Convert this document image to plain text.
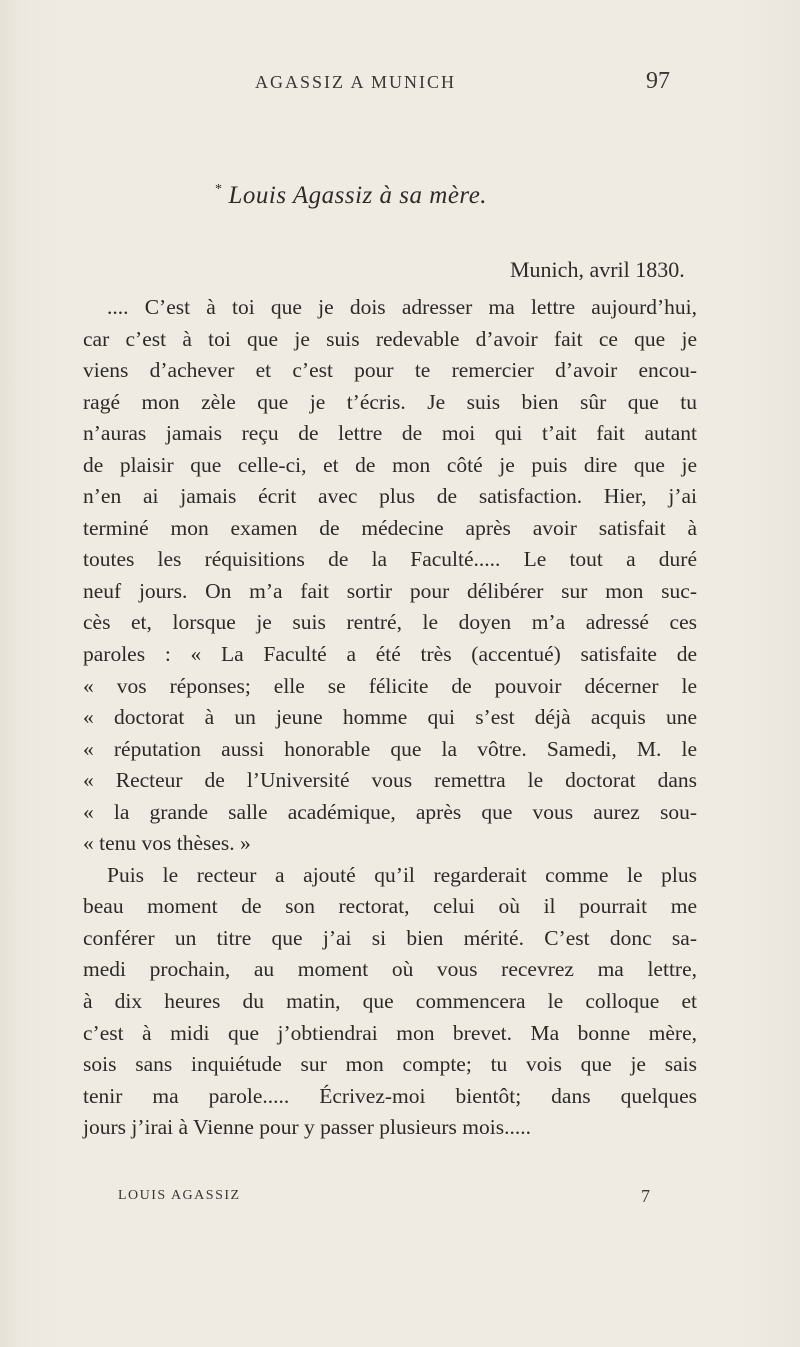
AGASSIZ A MUNICH	97
* Louis Agassiz à sa mère.
Munich, avril 1830.
.... C’est à toi que je dois adresser ma lettre aujourd’hui,
car c’est à toi que je suis redevable d’avoir fait ce que je
viens d’achever et c’est pour te remercier d’avoir encou-
ragé mon zèle que je t’écris. Je suis bien sûr que tu
n’auras jamais reçu de lettre de moi qui t’ait fait autant
de plaisir que celle-ci, et de mon côté je puis dire que je
n’en ai jamais écrit avec plus de satisfaction. Hier, j’ai
terminé mon examen de médecine après avoir satisfait à
toutes les réquisitions de la Faculté..... Le tout a duré
neuf jours. On m’a fait sortir pour délibérer sur mon suc-
cès et, lorsque je suis rentré, le doyen m’a adressé ces
paroles : « La Faculté a été très (accentué) satisfaite de
« vos réponses; elle se félicite de pouvoir décerner le
« doctorat à un jeune homme qui s’est déjà acquis une
« réputation aussi honorable que la vôtre. Samedi, M. le
« Recteur de l’Université vous remettra le doctorat dans
« la grande salle académique, après que vous aurez sou-
« tenu vos thèses. »
Puis le recteur a ajouté qu’il regarderait comme le plus
beau moment de son rectorat, celui où il pourrait me
conférer un titre que j’ai si bien mérité. C’est donc sa-
medi prochain, au moment où vous recevrez ma lettre,
à dix heures du matin, que commencera le colloque et
c’est à midi que j’obtiendrai mon brevet. Ma bonne mère,
sois sans inquiétude sur mon compte; tu vois que je sais
tenir ma parole..... Écrivez-moi bientôt; dans quelques
jours j’irai à Vienne pour y passer plusieurs mois.....
LOUIS AGASSIZ	7
